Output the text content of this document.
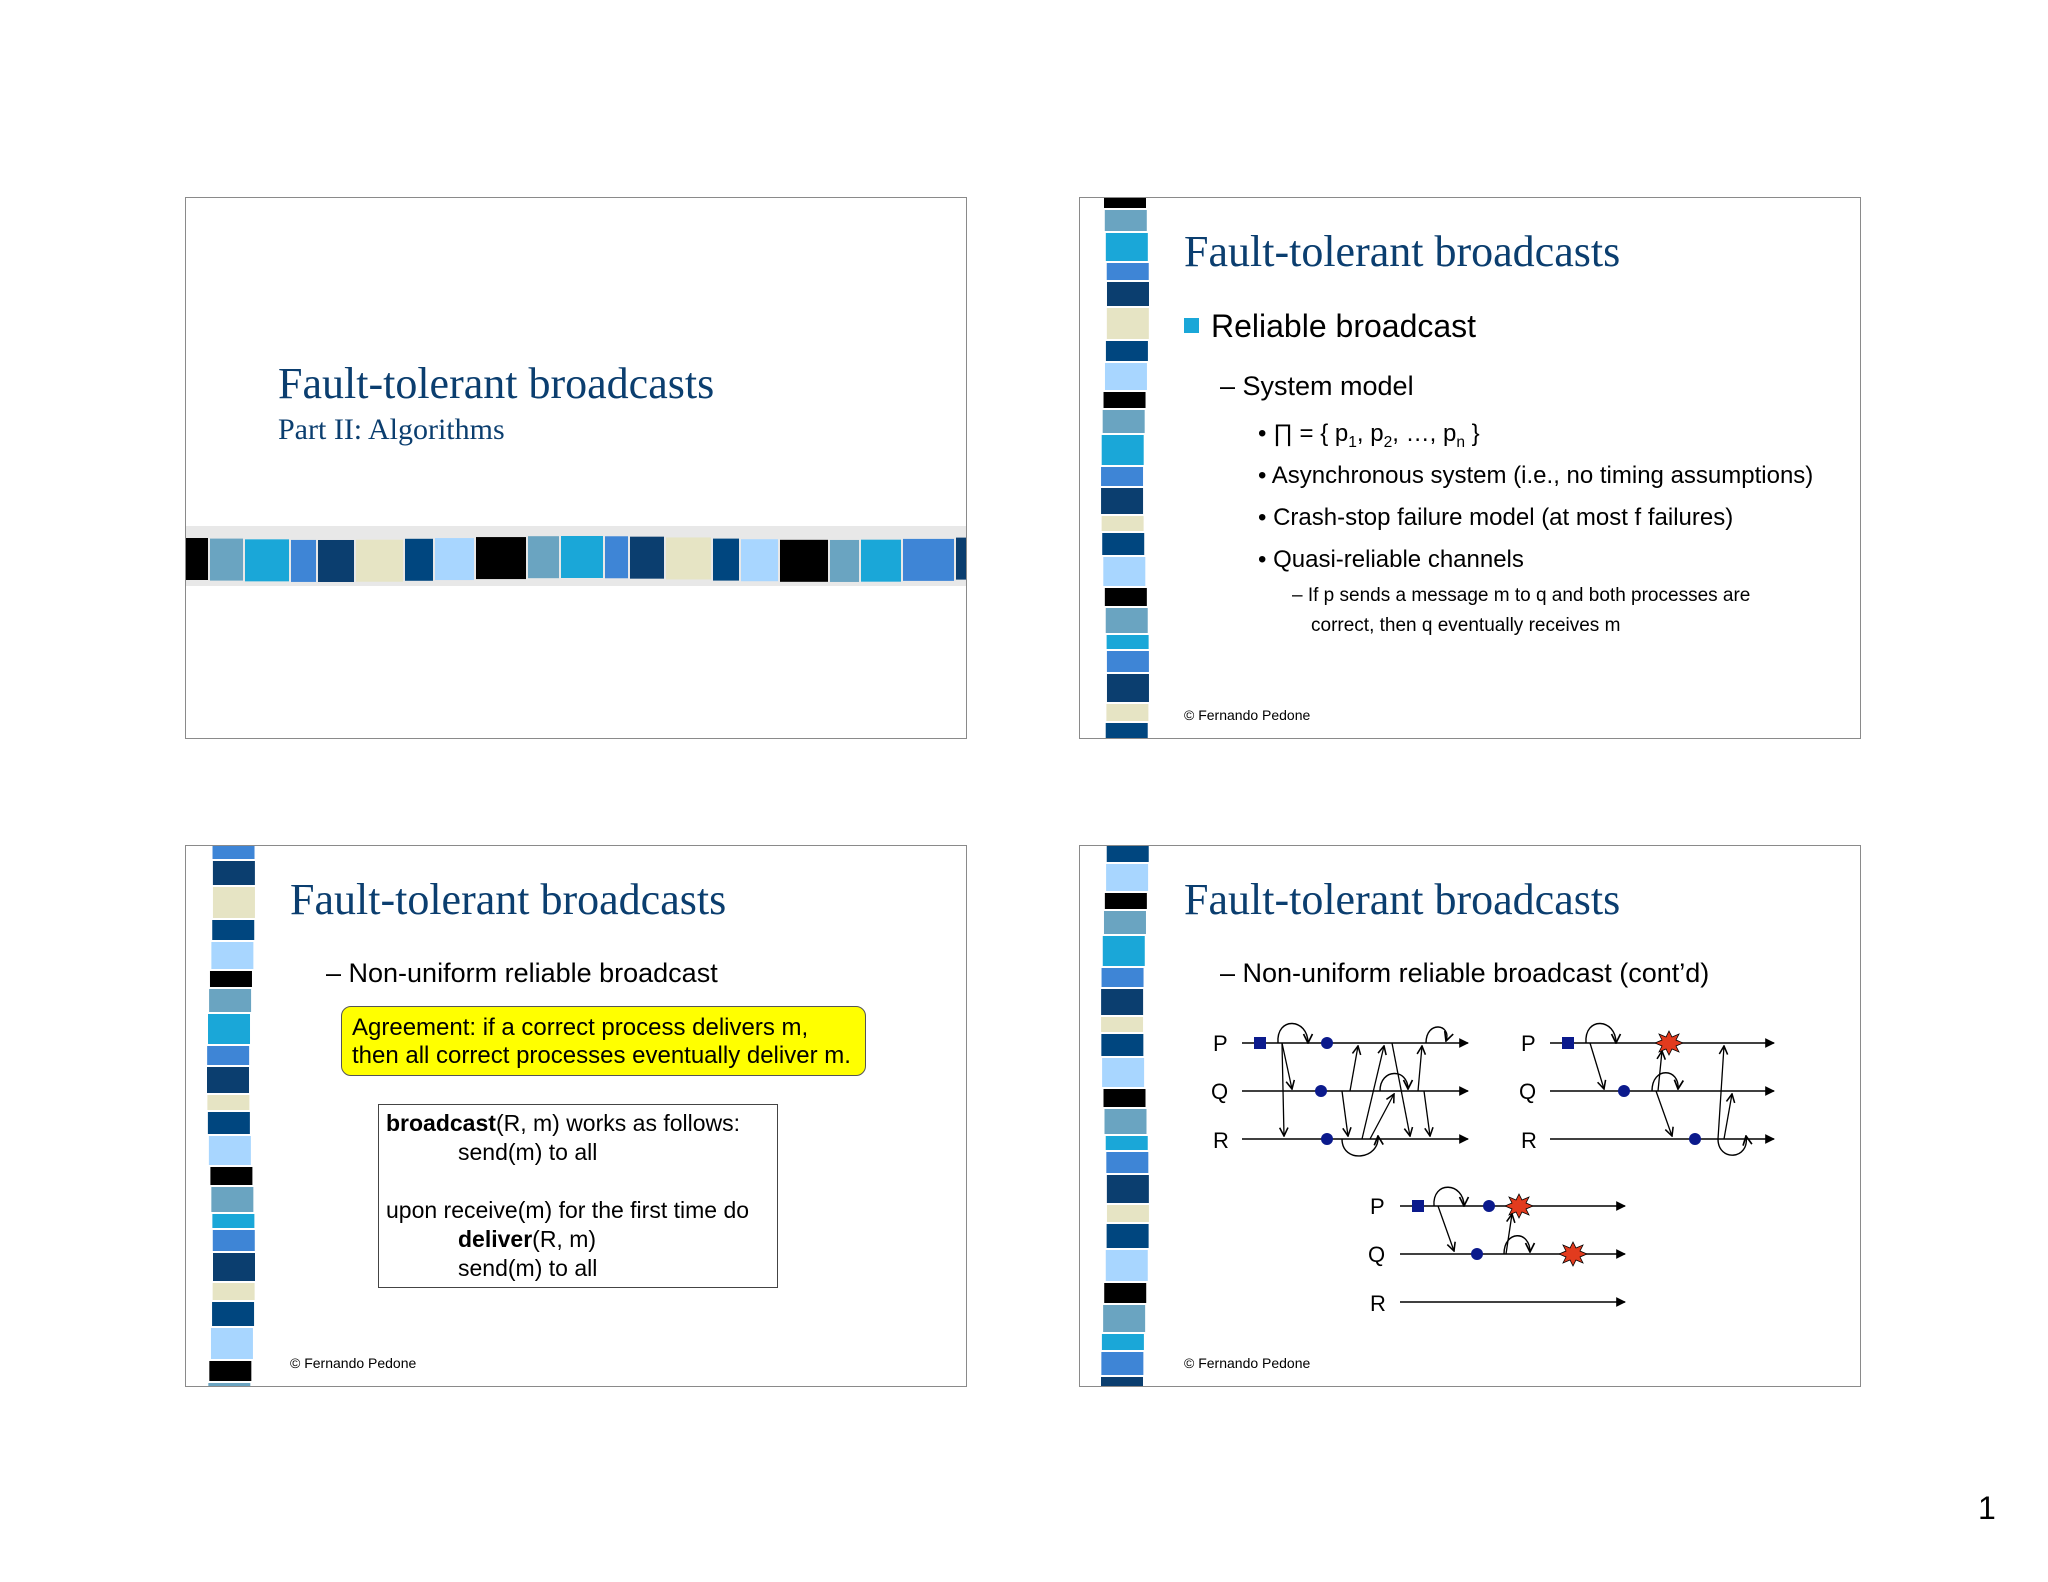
Fault-tolerant broadcasts
Part II: Algorithms
Fault-tolerant broadcasts
Reliable broadcast
– System model
• ∏ = { $p_1$, $p_2$, …, $p_n$ }
• Asynchronous system (i.e., no timing assumptions)
• Crash-stop failure model (at most f failures)
• Quasi-reliable channels
– If p sends a message m to q and both processes are
correct, then q eventually receives m
© Fernando Pedone
Fault-tolerant broadcasts
– Non-uniform reliable broadcast
Agreement: if a correct process delivers m,
then all correct processes eventually deliver m.
broadcast(R, m) works as follows:
send(m) to all
upon receive(m) for the first time do
deliver(R, m)
send(m) to all
© Fernando Pedone
Fault-tolerant broadcasts
– Non-uniform reliable broadcast (cont’d)
P
Q
R
P
Q
R
P
Q
R
© Fernando Pedone
1
